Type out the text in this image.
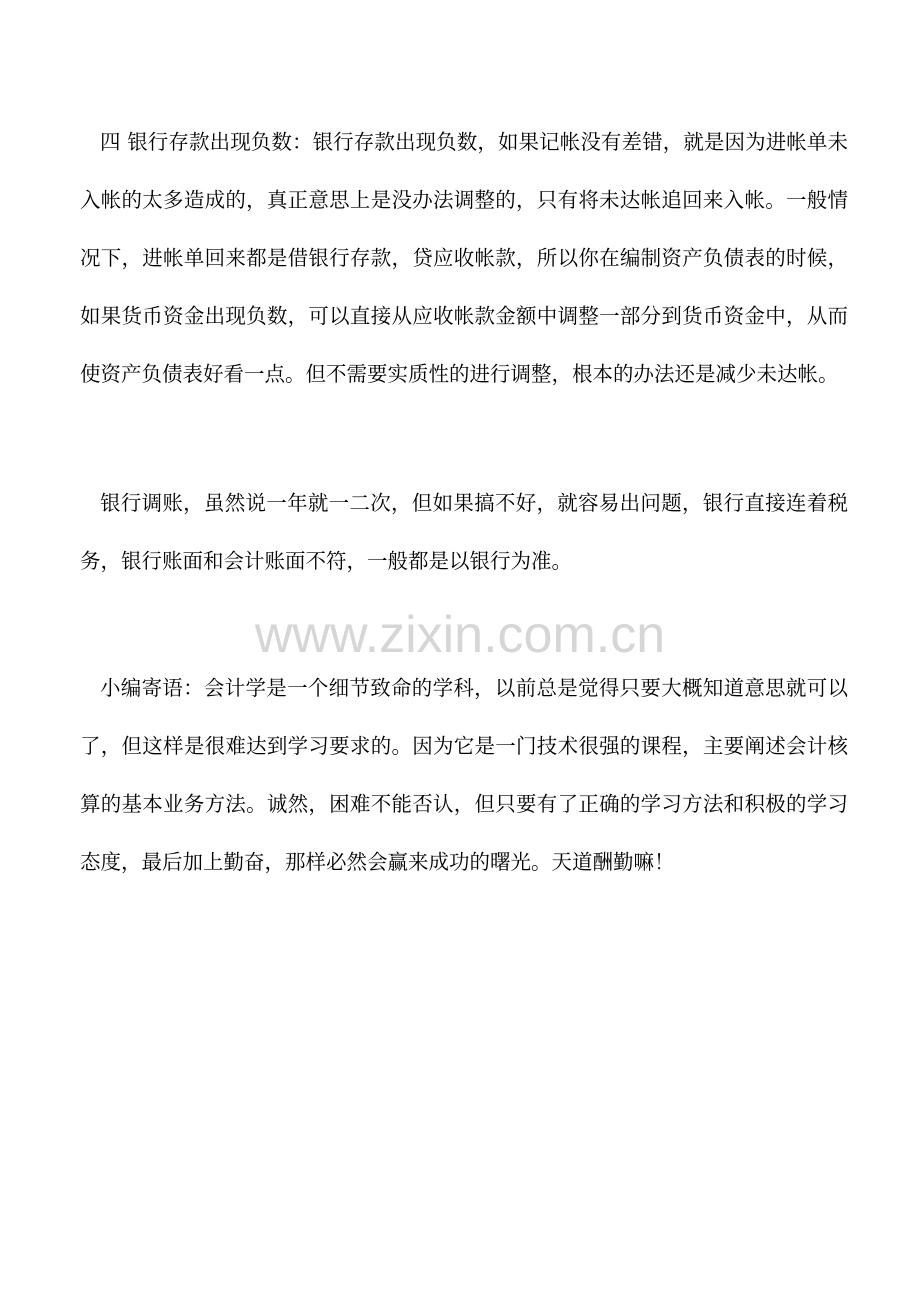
四 银行存款出现负数：银行存款出现负数，如果记帐没有差错，就是因为进帐单未入帐的太多造成的，真正意思上是没办法调整的，只有将未达帐追回来入帐。一般情况下，进帐单回来都是借银行存款，贷应收帐款，所以你在编制资产负债表的时候，如果货币资金出现负数，可以直接从应收帐款金额中调整一部分到货币资金中，从而使资产负债表好看一点。但不需要实质性的进行调整，根本的办法还是减少未达帐。

银行调账，虽然说一年就一二次，但如果搞不好，就容易出问题，银行直接连着税务，银行账面和会计账面不符，一般都是以银行为准。

www.zixin.com.cn

小编寄语：会计学是一个细节致命的学科，以前总是觉得只要大概知道意思就可以了，但这样是很难达到学习要求的。因为它是一门技术很强的课程，主要阐述会计核算的基本业务方法。诚然，困难不能否认，但只要有了正确的学习方法和积极的学习态度，最后加上勤奋，那样必然会赢来成功的曙光。天道酬勤嘛！
